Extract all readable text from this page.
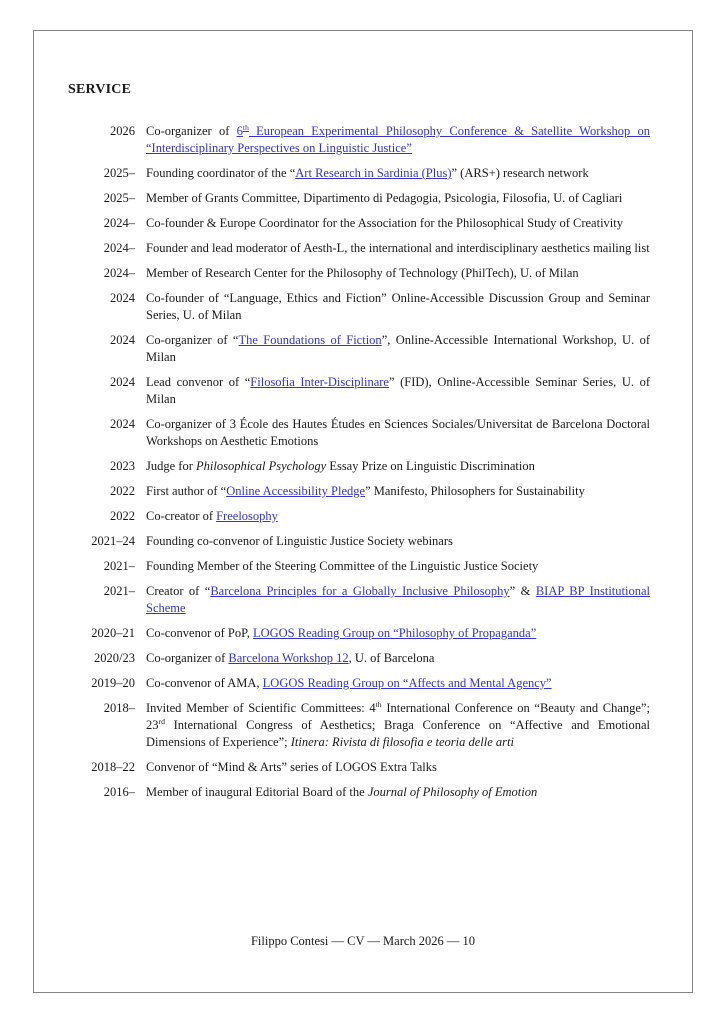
SERVICE
2026 Co-organizer of 6th European Experimental Philosophy Conference & Satellite Workshop on “Interdisciplinary Perspectives on Linguistic Justice”
2025– Founding coordinator of the “Art Research in Sardinia (Plus)” (ARS+) research network
2025– Member of Grants Committee, Dipartimento di Pedagogia, Psicologia, Filosofia, U. of Cagliari
2024– Co-founder & Europe Coordinator for the Association for the Philosophical Study of Creativity
2024– Founder and lead moderator of Aesth-L, the international and interdisciplinary aesthetics mailing list
2024– Member of Research Center for the Philosophy of Technology (PhilTech), U. of Milan
2024 Co-founder of “Language, Ethics and Fiction” Online-Accessible Discussion Group and Seminar Series, U. of Milan
2024 Co-organizer of “The Foundations of Fiction”, Online-Accessible International Workshop, U. of Milan
2024 Lead convenor of “Filosofia Inter-Disciplinare” (FID), Online-Accessible Seminar Series, U. of Milan
2024 Co-organizer of 3 École des Hautes Études en Sciences Sociales/Universitat de Barcelona Doctoral Workshops on Aesthetic Emotions
2023 Judge for Philosophical Psychology Essay Prize on Linguistic Discrimination
2022 First author of “Online Accessibility Pledge” Manifesto, Philosophers for Sustainability
2022 Co-creator of Freelosophy
2021–24 Founding co-convenor of Linguistic Justice Society webinars
2021– Founding Member of the Steering Committee of the Linguistic Justice Society
2021– Creator of “Barcelona Principles for a Globally Inclusive Philosophy” & BIAP BP Institutional Scheme
2020–21 Co-convenor of PoP, LOGOS Reading Group on “Philosophy of Propaganda”
2020/23 Co-organizer of Barcelona Workshop 12, U. of Barcelona
2019–20 Co-convenor of AMA, LOGOS Reading Group on “Affects and Mental Agency”
2018– Invited Member of Scientific Committees: 4th International Conference on “Beauty and Change”; 23rd International Congress of Aesthetics; Braga Conference on “Affective and Emotional Dimensions of Experience”; Itinera: Rivista di filosofia e teoria delle arti
2018–22 Convenor of “Mind & Arts” series of LOGOS Extra Talks
2016– Member of inaugural Editorial Board of the Journal of Philosophy of Emotion
Filippo Contesi — CV — March 2026 — 10
